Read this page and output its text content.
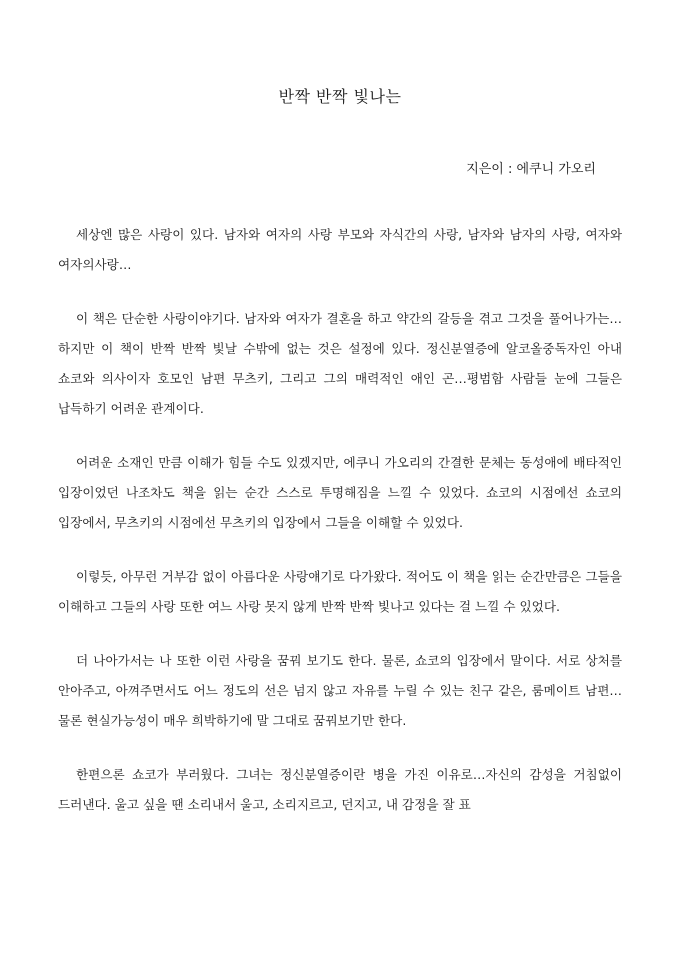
반짝 반짝 빛나는

지은이 : 에쿠니 가오리

세상엔 많은 사랑이 있다. 남자와 여자의 사랑 부모와 자식간의 사랑, 남자와 남자의 사랑, 여자와 여자의사랑…

이 책은 단순한 사랑이야기다. 남자와 여자가 결혼을 하고 약간의 갈등을 겪고 그것을 풀어나가는…하지만 이 책이 반짝 반짝 빛날 수밖에 없는 것은 설정에 있다. 정신분열증에 알코올중독자인 아내 쇼코와 의사이자 호모인 남편 무츠키, 그리고 그의 매력적인 애인 곤…평범함 사람들 눈에 그들은 납득하기 어려운 관계이다.

어려운 소재인 만큼 이해가 힘들 수도 있겠지만, 에쿠니 가오리의 간결한 문체는 동성애에 배타적인 입장이었던 나조차도 책을 읽는 순간 스스로 투명해짐을 느낄 수 있었다. 쇼코의 시점에선 쇼코의 입장에서, 무츠키의 시점에선 무츠키의 입장에서 그들을 이해할 수 있었다.

이렇듯, 아무런 거부감 없이 아름다운 사랑얘기로 다가왔다. 적어도 이 책을 읽는 순간만큼은 그들을 이해하고 그들의 사랑 또한 여느 사랑 못지 않게 반짝 반짝 빛나고 있다는 걸 느낄 수 있었다.

더 나아가서는 나 또한 이런 사랑을 꿈꿔 보기도 한다. 물론, 쇼코의 입장에서 말이다. 서로 상처를 안아주고, 아껴주면서도 어느 정도의 선은 넘지 않고 자유를 누릴 수 있는 친구 같은, 룸메이트 남편…물론 현실가능성이 매우 희박하기에 말 그대로 꿈꿔보기만 한다.

한편으론 쇼코가 부러웠다. 그녀는 정신분열증이란 병을 가진 이유로…자신의 감성을 거침없이 드러낸다. 울고 싶을 땐 소리내서 울고, 소리지르고, 던지고, 내 감정을 잘 표
